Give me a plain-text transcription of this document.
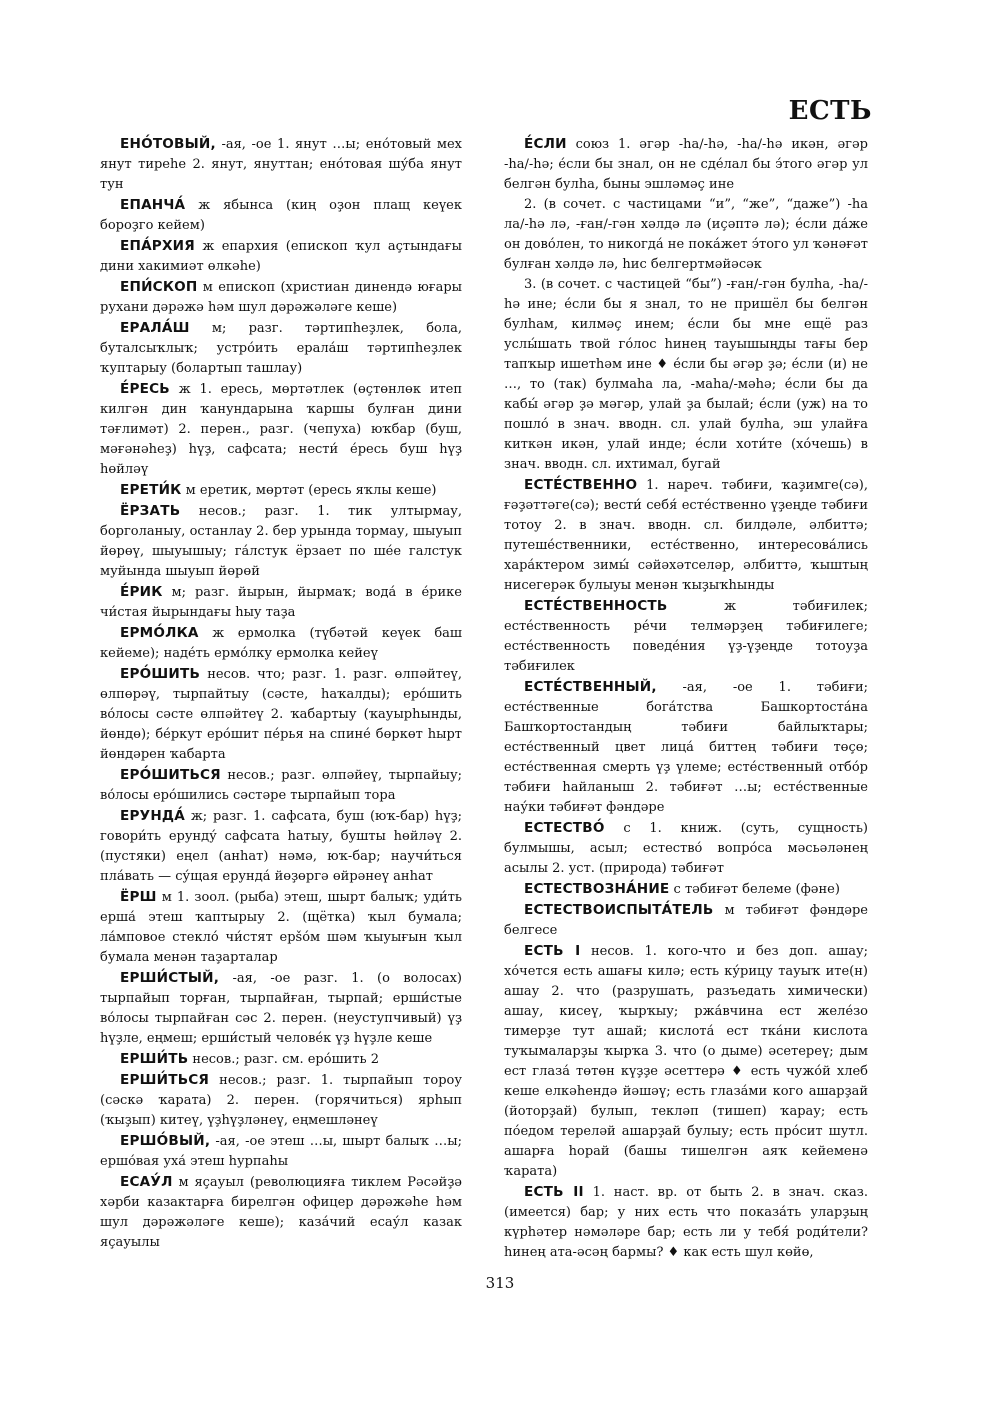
ЕСТЬ

ЕНО́ТОВЫЙ, -ая, -ое 1. янут …ы; ено́товый мех янут тиреһе 2. янут, януттан; ено́товая шу́ба янут тун

ЕПАНЧА́ ж ябынса (киң оҙон плащ кеүек бороҙго кейем)

ЕПА́РХИЯ ж епархия (епископ ҡул аҫтындағы дини хакимиәт өлкәһе)

ЕПИ́СКОП м епископ (христиан динендә юғары рухани дәрәжә һәм шул дәрәжәләге кеше)

ЕРАЛА́Ш м; разг. тәртипһеҙлек, бола, буталсыҡлыҡ; устро́ить ерала́ш тәртипһеҙлек ҡуптарыу (болартып ташлау)

Е́РЕСЬ ж 1. ересь, мөртәтлек (өҫтөнлөк итеп килгән дин ҡанундарына ҡаршы булған дини тәғлимәт) 2. перен., разг. (чепуха) юҡбар (буш, мәғәнәһеҙ) һүҙ, сафсата; нести́ е́ресь буш һүҙ һөйләү

ЕРЕТИ́К м еретик, мөртәт (ересь яҡлы кеше)

ЁРЗАТЬ несов.; разг. 1. тик ултырмау, борголаныу, останлау 2. бер урында тормау, шыуып йөрөү, шыуышыу; га́лстук ёрзает по ше́е галстук муйында шыуып йөрөй

Е́РИК м; разг. йырын, йырмаҡ; вода́ в е́рике чи́стая йырындағы һыу таҙа

ЕРМО́ЛКА ж ермолка (түбәтәй кеүек баш кейеме); наде́ть ермо́лку ермолка кейеү

ЕРО́ШИТЬ несов. что; разг. 1. разг. өлпәйтеү, өлпөрәү, тырпайтыу (сәсте, һаҡалды); еро́шить во́лосы сәсте өлпәйтеү 2. ҡабартыу (ҡауырһынды, йөндө); бе́ркут еро́шит пе́рья на спине́ бөркөт һырт йөндәрен ҡабарта

ЕРО́ШИТЬСЯ несов.; разг. өлпәйеү, тырпайыу; во́лосы еро́шились сәстәре тырпайып тора

ЕРУНДА́ ж; разг. 1. сафсата, буш (юҡ-бар) һүҙ; говори́ть ерунду́ сафсата һатыу, бушты һөйләү 2. (пустяки) еңел (анһат) нәмә, юҡ-бар; научи́ться пла́вать — су́щая ерунда́ йөҙөргә өйрәнеү анһат

ЁРШ м 1. зоол. (рыба) этеш, шырт балыҡ; уди́ть ерша́ этеш ҡаптырыу 2. (щётка) ҡыл бумала; ла́мповое стекло́ чи́стят ерšо́м шәм ҡыуығын ҡыл бумала менән таҙарталар

ЕРШИ́СТЫЙ, -ая, -ое разг. 1. (о волосах) тырпайып торған, тырпайған, тырпай; ерши́стые во́лосы тырпайған сәс 2. перен. (неуступчивый) үҙ һүҙле, еңмеш; ерши́стый челове́к үҙ һүҙле кеше

ЕРШИ́ТЬ несов.; разг. см. еро́шить 2

ЕРШИ́ТЬСЯ несов.; разг. 1. тырпайып тороу (сәскә ҡарата) 2. перен. (горячиться) ярһып (ҡыҙып) китеү, үҙһүҙләнеү, еңмешләнеү

ЕРШО́ВЫЙ, -ая, -ое этеш …ы, шырт балыҡ …ы; ершо́вая уха́ этеш һурпаһы

ЕСАУ́Л м яҫауыл (революцияға тиклем Рәсәйҙә хәрби казактарға бирелгән офицер дәрәжәһе һәм шул дәрәжәләге кеше); каза́чий есау́л казак яҫауылы

Е́СЛИ союз 1. әгәр -һа/-һә, -һа/-һә икән, әгәр -һа/-һә; е́сли бы знал, он не сде́лал бы э́того әгәр ул белгән булһа, быны эшләмәҫ ине

2. (в сочет. с частицами “и”, “же”, “даже”) -һа ла/-һә лә, -ған/-гән хәлдә лә (иҫәптә лә); е́сли да́же он дово́лен, то никогда́ не пока́жет э́того ул ҡәнәғәт булған хәлдә лә, һис белгертмәйәсәк

3. (в сочет. с частицей “бы”) -ған/-гән булһа, -һа/-һә ине; е́сли бы я знал, то не пришёл бы белгән булһам, килмәҫ инем; е́сли бы мне ещё раз услы́шать твой го́лос һинең тауышыңды тағы бер тапҡыр ишетһәм ине ♦ е́сли бы әгәр ҙә; е́сли (и) не …, то (так) булмаһа ла, -маһа/-мәһә; е́сли бы да кабы́ әгәр ҙә мәгәр, улай ҙа былай; е́сли (уж) на то пошло́ в знач. вводн. сл. улай булһа, эш улайға киткән икән, улай инде; е́сли хоти́те (хо́чешь) в знач. вводн. сл. ихтимал, бугай

ЕСТЕ́СТВЕННО 1. нареч. тәбиғи, ҡаҙимге(сә), ғәҙәттәге(сә); вести́ себя́ есте́ственно үҙеңде тәбиғи тотоу 2. в знач. вводн. сл. билдәле, әлбиттә; путеше́ственники, есте́ственно, интересова́лись хара́ктером зимы́ сәйәхәтселәр, әлбиттә, ҡыштың нисегерәк булыуы менән ҡыҙыҡһынды

ЕСТЕ́СТВЕННОСТЬ	ж тәбиғилек; есте́ственность ре́чи телмәрҙең тәбиғилеге; есте́ственность поведе́ния үҙ-үҙеңде тотоуҙа тәбиғилек

ЕСТЕ́СТВЕННЫЙ, -ая, -ое 1. тәбиғи; есте́ственные бога́тства Башкортоста́на Башҡортостандың тәбиғи байлыҡтары; есте́ственный цвет лица́ биттең тәбиғи төҫө; есте́ственная смерть үҙ үлеме; есте́ственный отбо́р тәбиғи һайланыш 2. тәбиғәт …ы; есте́ственные нау́ки тәбиғәт фәндәре

ЕСТЕСТВО́ с 1. книж. (суть, сущность) булмышы, асыл; естество́ вопро́са мәсьәләнең асылы 2. уст. (природа) тәбиғәт

ЕСТЕСТВОЗНА́НИЕ с тәбиғәт белеме (фәне)

ЕСТЕСТВОИСПЫТА́ТЕЛЬ м тәбиғәт фәндәре белгесе

ЕСТЬ I несов. 1. кого-что и без доп. ашау; хо́чется есть ашағы килә; есть ку́рицу тауыҡ ите(н) ашау 2. что (разрушать, разъедать химически) ашау, кисеү, ҡырҡыу; ржа́вчина ест желе́зо тимерҙе тут ашай; кислота́ ест тка́ни кислота туҡымаларҙы ҡырҡа 3. что (о дыме) әсетереү; дым ест глаза́ төтөн күҙҙе әсеттерә ♦ есть чужо́й хлеб кеше елкәһендә йәшәү; есть глаза́ми кого ашарҙай (йоторҙай) булып, теклəп (тишеп) ҡарау; есть по́едом тереләй ашарҙай булыу; есть про́сит шутл. ашарға һорай (башы тишелгән аяҡ кейеменә ҡарата)

ЕСТЬ II 1. наст. вр. от быть 2. в знач. сказ. (имеется) бар; у них есть что показа́ть уларҙың күрһәтер нәмәләре бар; есть ли у тебя́ роди́тели? һинең ата-әсәң бармы? ♦ как есть шул көйө,

313
